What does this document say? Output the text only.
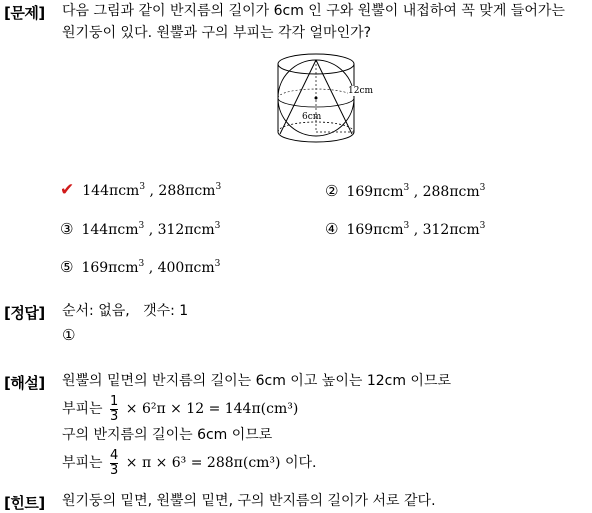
[문제] 다음 그림과 같이 반지름의 길이가 6cm 인 구와 원뿔이 내접하여 꼭 맞게 들어가는
원기둥이 있다. 원뿔과 구의 부피는 각각 얼마인가?
12cm
6cm
✔ 144πcm$^3$ , 288πcm$^3$	② 169πcm$^3$ , 288πcm$^3$
③ 144πcm$^3$ , 312πcm$^3$	④ 169πcm$^3$ , 312πcm$^3$
⑤ 169πcm$^3$ , 400πcm$^3$
[정답] 순서: 없음,   갯수: 1
①
[해설] 원뿔의 밑면의 반지름의 길이는 6cm 이고 높이는 12cm 이므로
부피는 $\frac{1}{3} \times 6^2\pi \times 12 = 144\pi(cm^3)$
구의 반지름의 길이는 6cm 이므로
부피는 $\frac{4}{3} \times \pi \times 6^3 = 288\pi(cm^3)$ 이다.
[힌트] 원기둥의 밑면, 원뿔의 밑면, 구의 반지름의 길이가 서로 같다.
